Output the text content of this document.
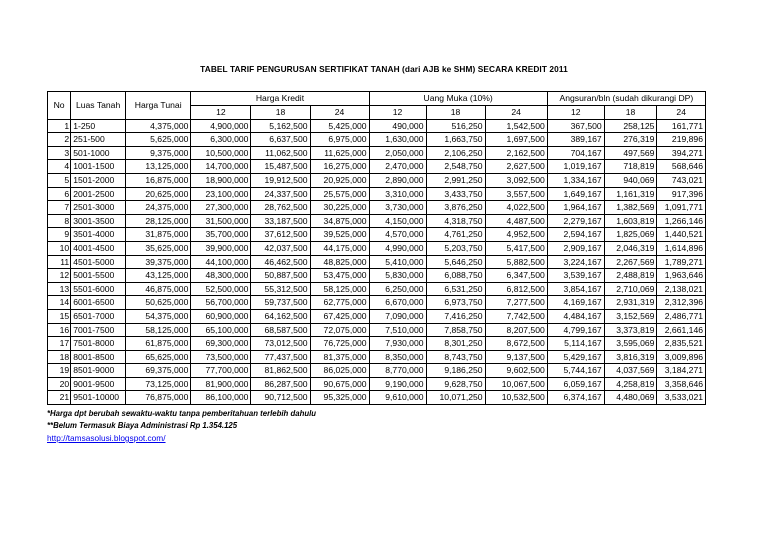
TABEL TARIF PENGURUSAN SERTIFIKAT TANAH (dari AJB ke SHM) SECARA KREDIT 2011
No	Luas Tanah	Harga Tunai	Harga Kredit			Uang Muka (10%)			Angsuran/bln (sudah dikurangi DP)		
			12	18	24	12	18	24	12	18	24
1	1-250	4,375,000	4,900,000	5,162,500	5,425,000	490,000	516,250	1,542,500	367,500	258,125	161,771
2	251-500	5,625,000	6,300,000	6,637,500	6,975,000	1,630,000	1,663,750	1,697,500	389,167	276,319	219,896
3	501-1000	9,375,000	10,500,000	11,062,500	11,625,000	2,050,000	2,106,250	2,162,500	704,167	497,569	394,271
4	1001-1500	13,125,000	14,700,000	15,487,500	16,275,000	2,470,000	2,548,750	2,627,500	1,019,167	718,819	568,646
5	1501-2000	16,875,000	18,900,000	19,912,500	20,925,000	2,890,000	2,991,250	3,092,500	1,334,167	940,069	743,021
6	2001-2500	20,625,000	23,100,000	24,337,500	25,575,000	3,310,000	3,433,750	3,557,500	1,649,167	1,161,319	917,396
7	2501-3000	24,375,000	27,300,000	28,762,500	30,225,000	3,730,000	3,876,250	4,022,500	1,964,167	1,382,569	1,091,771
8	3001-3500	28,125,000	31,500,000	33,187,500	34,875,000	4,150,000	4,318,750	4,487,500	2,279,167	1,603,819	1,266,146
9	3501-4000	31,875,000	35,700,000	37,612,500	39,525,000	4,570,000	4,761,250	4,952,500	2,594,167	1,825,069	1,440,521
10	4001-4500	35,625,000	39,900,000	42,037,500	44,175,000	4,990,000	5,203,750	5,417,500	2,909,167	2,046,319	1,614,896
11	4501-5000	39,375,000	44,100,000	46,462,500	48,825,000	5,410,000	5,646,250	5,882,500	3,224,167	2,267,569	1,789,271
12	5001-5500	43,125,000	48,300,000	50,887,500	53,475,000	5,830,000	6,088,750	6,347,500	3,539,167	2,488,819	1,963,646
13	5501-6000	46,875,000	52,500,000	55,312,500	58,125,000	6,250,000	6,531,250	6,812,500	3,854,167	2,710,069	2,138,021
14	6001-6500	50,625,000	56,700,000	59,737,500	62,775,000	6,670,000	6,973,750	7,277,500	4,169,167	2,931,319	2,312,396
15	6501-7000	54,375,000	60,900,000	64,162,500	67,425,000	7,090,000	7,416,250	7,742,500	4,484,167	3,152,569	2,486,771
16	7001-7500	58,125,000	65,100,000	68,587,500	72,075,000	7,510,000	7,858,750	8,207,500	4,799,167	3,373,819	2,661,146
17	7501-8000	61,875,000	69,300,000	73,012,500	76,725,000	7,930,000	8,301,250	8,672,500	5,114,167	3,595,069	2,835,521
18	8001-8500	65,625,000	73,500,000	77,437,500	81,375,000	8,350,000	8,743,750	9,137,500	5,429,167	3,816,319	3,009,896
19	8501-9000	69,375,000	77,700,000	81,862,500	86,025,000	8,770,000	9,186,250	9,602,500	5,744,167	4,037,569	3,184,271
20	9001-9500	73,125,000	81,900,000	86,287,500	90,675,000	9,190,000	9,628,750	10,067,500	6,059,167	4,258,819	3,358,646
21	9501-10000	76,875,000	86,100,000	90,712,500	95,325,000	9,610,000	10,071,250	10,532,500	6,374,167	4,480,069	3,533,021
*Harga dpt berubah sewaktu-waktu tanpa pemberitahuan terlebih dahulu
**Belum Termasuk Biaya Administrasi Rp 1.354.125
http://tamsasolusi.blogspot.com/
